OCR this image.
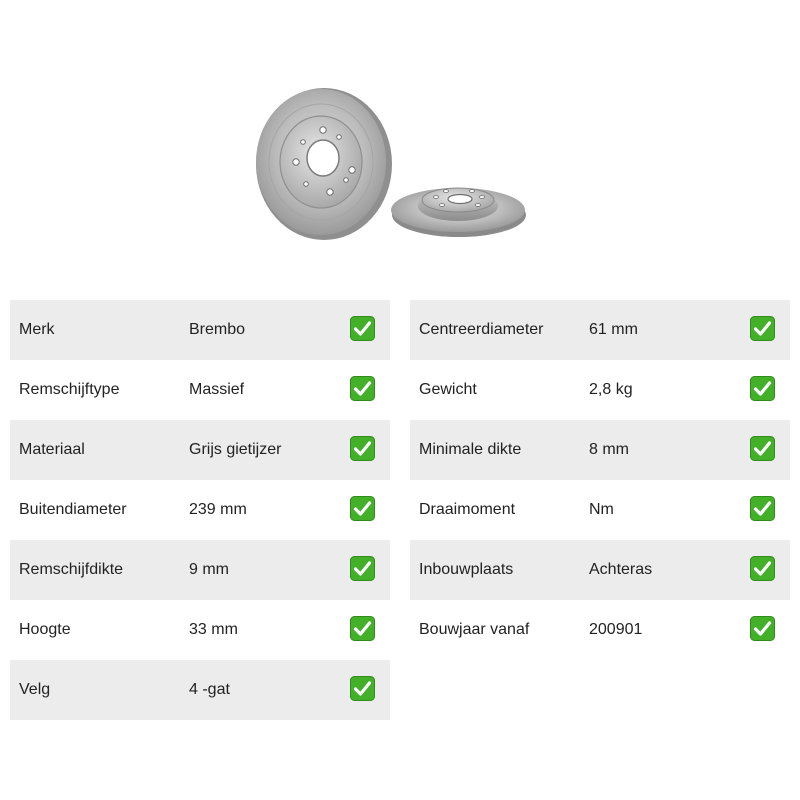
Merk	Brembo
Remschijftype	Massief
Materiaal	Grijs gietijzer
Buitendiameter	239 mm
Remschijfdikte	9 mm
Hoogte	33 mm
Velg	4 -gat
Centreerdiameter	61 mm
Gewicht	2,8 kg
Minimale dikte	8 mm
Draaimoment	Nm
Inbouwplaats	Achteras
Bouwjaar vanaf	200901
